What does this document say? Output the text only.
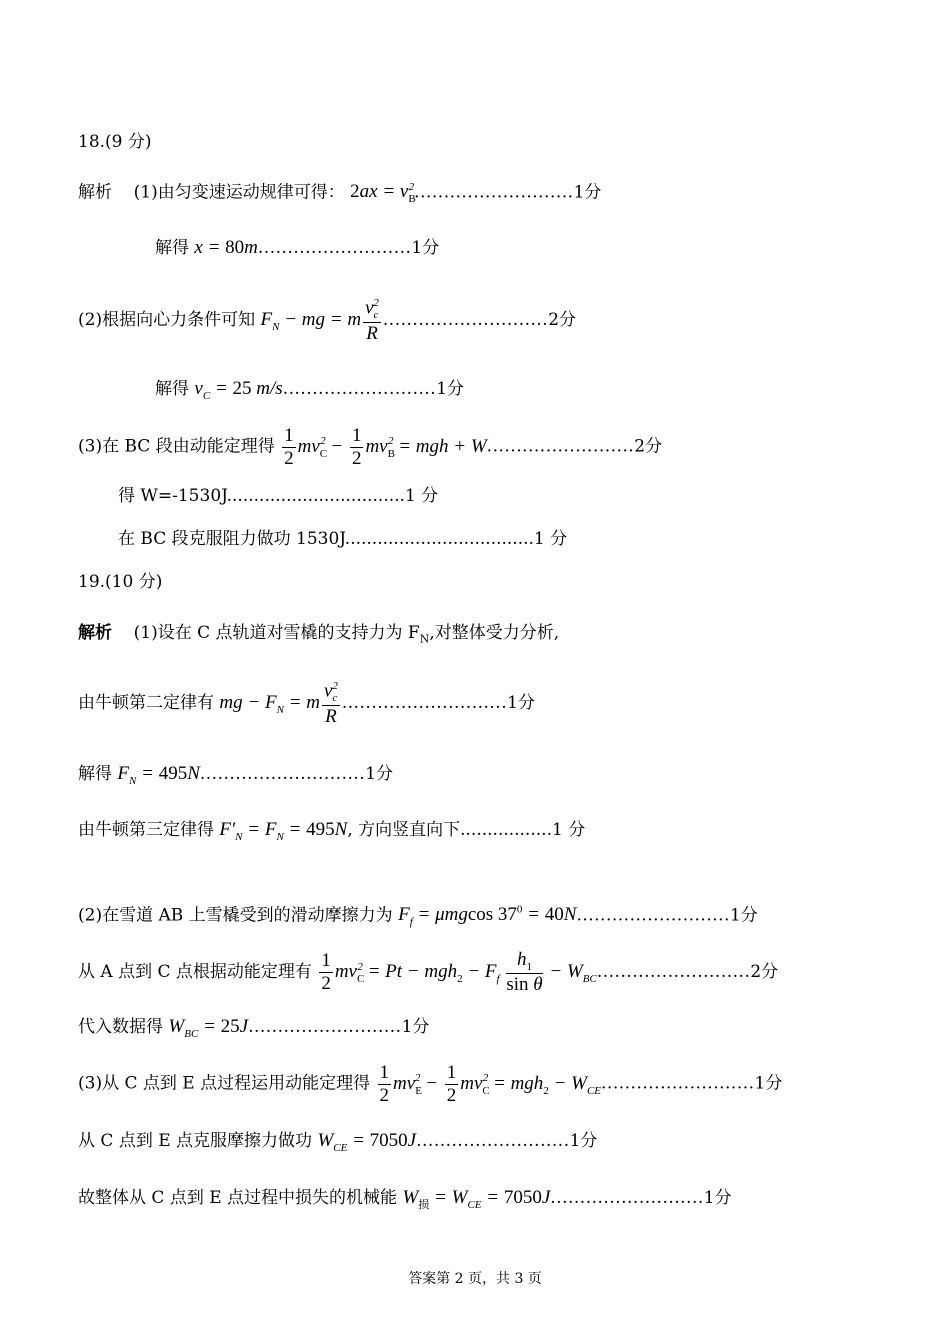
18.(9 分)
解析 (1)由匀变速运动规律可得： $2ax = v_B^2...........................1$分
解得 x = 80m..........................1分
(2)根据向心力条件可知 $F_N$ − mg = m $\frac{v_c^2}{R} ............................2$分
解得 $v_C = 25$ m/s..........................1分
(3)在 BC 段由动能定理得 $\frac{1}{2} mv_C^2 - \frac{1}{2} mv_B^2$ = mgh + W.........................2分
得 W=-1530J.................................1 分
在 BC 段克服阻力做功 1530J...................................1 分
19.(10 分)
解析 (1)设在 C 点轨道对雪橇的支持力为 $F_N$,对整体受力分析,
由牛顿第二定律有 mg − $F_N = m \frac{v_c^2}{R} ............................1$分
解得 $F_N = 495N............................1$分
由牛顿第三定律得 $F'_N = F_N = 495N$, 方向竖直向下.................1 分
(2)在雪道 AB 上雪橇受到的滑动摩擦力为 $F_f = \mu mgcos$ $37^0 = 40N..........................1$分
从 A 点到 C 点根据动能定理有 $\frac{1}{2} mv_C^2 = Pt - mgh_2 - F_f \frac{h_1}{\text{sin θ}} - W_{BC}..........................2$分
代入数据得 $W_{BC} = 25J..........................1$分
(3)从 C 点到 E 点过程运用动能定理得 $\frac{1}{2} mv_E^2 - \frac{1}{2} mv_C^2 = mgh_2 - W_{CE}..........................1$分
从 C 点到 E 点克服摩擦力做功 $W_{CE} = 7050J..........................1$分
故整体从 C 点到 E 点过程中损失的机械能 $W_损 = W_{CE} = 7050J..........................1$分
答案第 2 页，共 3 页
